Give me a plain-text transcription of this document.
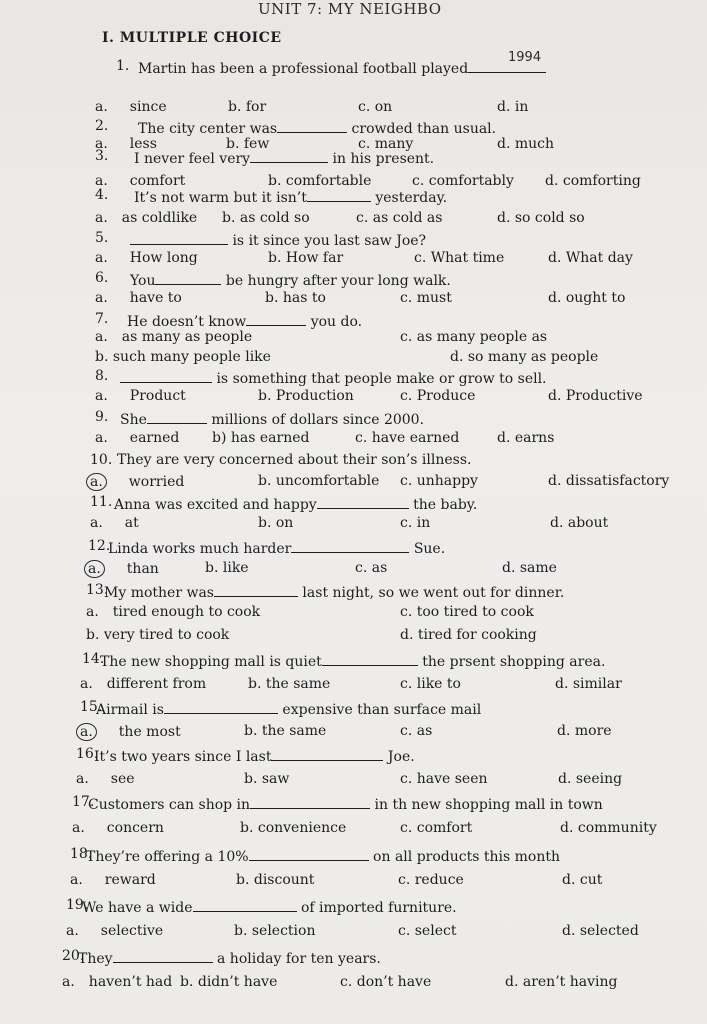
UNIT 7: MY NEIGHBO
I. MULTIPLE CHOICE
1. Martin has been a professional football played
a. since	b. for	c. on	d. in
1994
2. The city center was	crowded than usual.
a. less	b. few	c. many	d. much
3. I never feel very	in his present.
a. comfort	b. comfortable	c. comfortably d. comforting
4. It’s not warm but it isn’t	yesterday.
a. as coldlike b. as cold so	c. as cold as	d. so cold so
5.	is it since you last saw Joe?
a. How long	b. How far	c. What time	d. What day
6. You	be hungry after your long walk.
a. have to	b. has to	c. must	d. ought to
7. He doesn’t know	you do.
a. as many as people
b. such many people like
c. as many people as
d. so many as people
8.	is something that people make or grow to sell.
a. Product	b. Production	c. Produce	d. Productive
9. She	millions of dollars since 2000.
a. earned b) has earned	c. have earned	d. earns
10. They are very concerned about their son’s illness.
a. worried	b. uncomfortable c. unhappy	d. dissatisfactory
11. Anna was excited and happy	the baby.
a. at	b. on	c. in	d. about
12.
Linda works much harder	Sue.
a. than	b. like	c. as	d. same
13.
My mother was	last night, so we went out for dinner.
a. tired enough to cook
b. very tired to cook
c. too tired to cook
d. tired for cooking
14.
The new shopping mall is quiet	the prsent shopping area.
a. different from	b. the same	c. like to	d. similar
15.
Airmail is	expensive than surface mail
a. the most	b. the same	c. as	d. more
16.
It’s two years since I last	Joe.
a. see	b. saw	c. have seen	d. seeing
17.
Customers can shop in	in th new shopping mall in town
a. concern	b. convenience	c. comfort	d. community
18.
They’re offering a 10%	on all products this month
a. reward	b. discount	c. reduce	d. cut
19.
We have a wide	of imported furniture.
a. selective	b. selection	c. select	d. selected
20.
They	a holiday for ten years.
a. haven’t had b. didn’t have	c. don’t have	d. aren’t having
